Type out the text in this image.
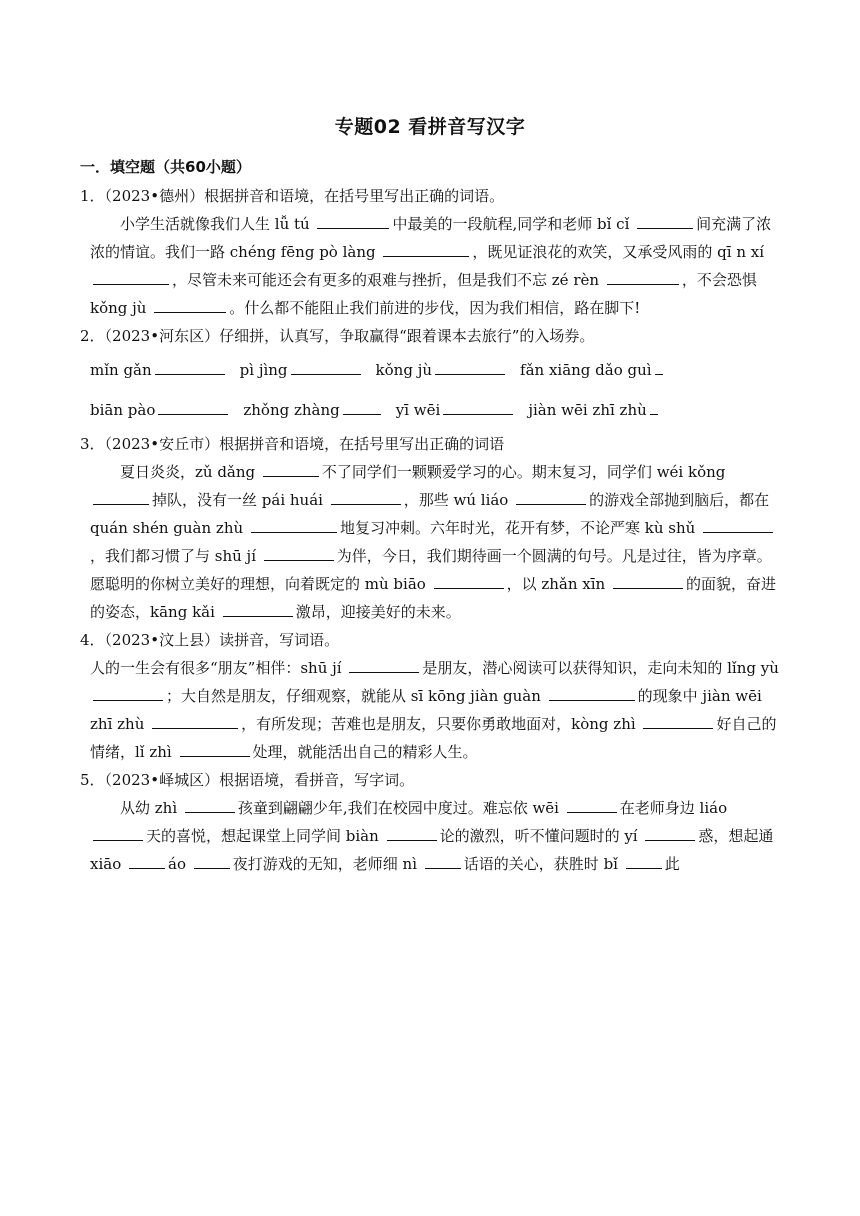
专题02 看拼音写汉字
一．填空题（共60小题）

1．（2023•德州）根据拼音和语境，在括号里写出正确的词语。

小学生活就像我们人生 lǚ tú	中最美的一段航程,同学和老师 bǐ cǐ	间充满了浓浓的情谊。我们一路 chéng fēng pò làng	，既见证浪花的欢笑，又承受风雨的 qī n xí ，尽管未来可能还会有更多的艰难与挫折，但是我们不忘 zé rèn	，不会恐惧 kǒng jù	。什么都不能阻止我们前进的步伐，因为我们相信，路在脚下!

2．（2023•河东区）仔细拼，认真写，争取赢得“跟着课本去旅行”的入场券。

mǐn gǎn	pì jìng	kǒng jù	fǎn xiāng dǎo guì
biān pào	zhǒng zhàng	yī wēi	jiàn wēi zhī zhù

3．（2023•安丘市）根据拼音和语境，在括号里写出正确的词语

夏日炎炎，zǔ dǎng	不了同学们一颗颗爱学习的心。期末复习，同学们 wéi kǒng 掉队，没有一丝 pái huái	，那些 wú liáo	的游戏全部抛到脑后，都在 quán shén guàn zhù	地复习冲刺。六年时光，花开有梦，不论严寒 kù shǔ ，我们都习惯了与 shū jí	为伴，今日，我们期待画一个圆满的句号。凡是过往，皆为序章。愿聪明的你树立美好的理想，向着既定的 mù biāo	，以 zhǎn xīn	的面貌，奋进的姿态，kāng kǎi	激昂，迎接美好的未来。

4．（2023•汶上县）读拼音，写词语。

人的一生会有很多“朋友”相伴：shū jí	是朋友，潜心阅读可以获得知识，走向未知的 lǐng yù ；大自然是朋友，仔细观察，就能从 sī kōng jiàn guàn	的现象中 jiàn wēi zhī zhù	，有所发现；苦难也是朋友，只要你勇敢地面对，kòng zhì	好自己的情绪，lǐ zhì	处理，就能活出自己的精彩人生。

5．（2023•峄城区）根据语境，看拼音，写字词。

从幼 zhì	孩童到翩翩少年,我们在校园中度过。难忘依 wēi	在老师身边 liáo 天的喜悦，想起课堂上同学间 biàn	论的激烈，听不懂问题时的 yí	惑，想起通 xiāo	áo	夜打游戏的无知，老师细 nì	话语的关心，获胜时 bǐ	此
